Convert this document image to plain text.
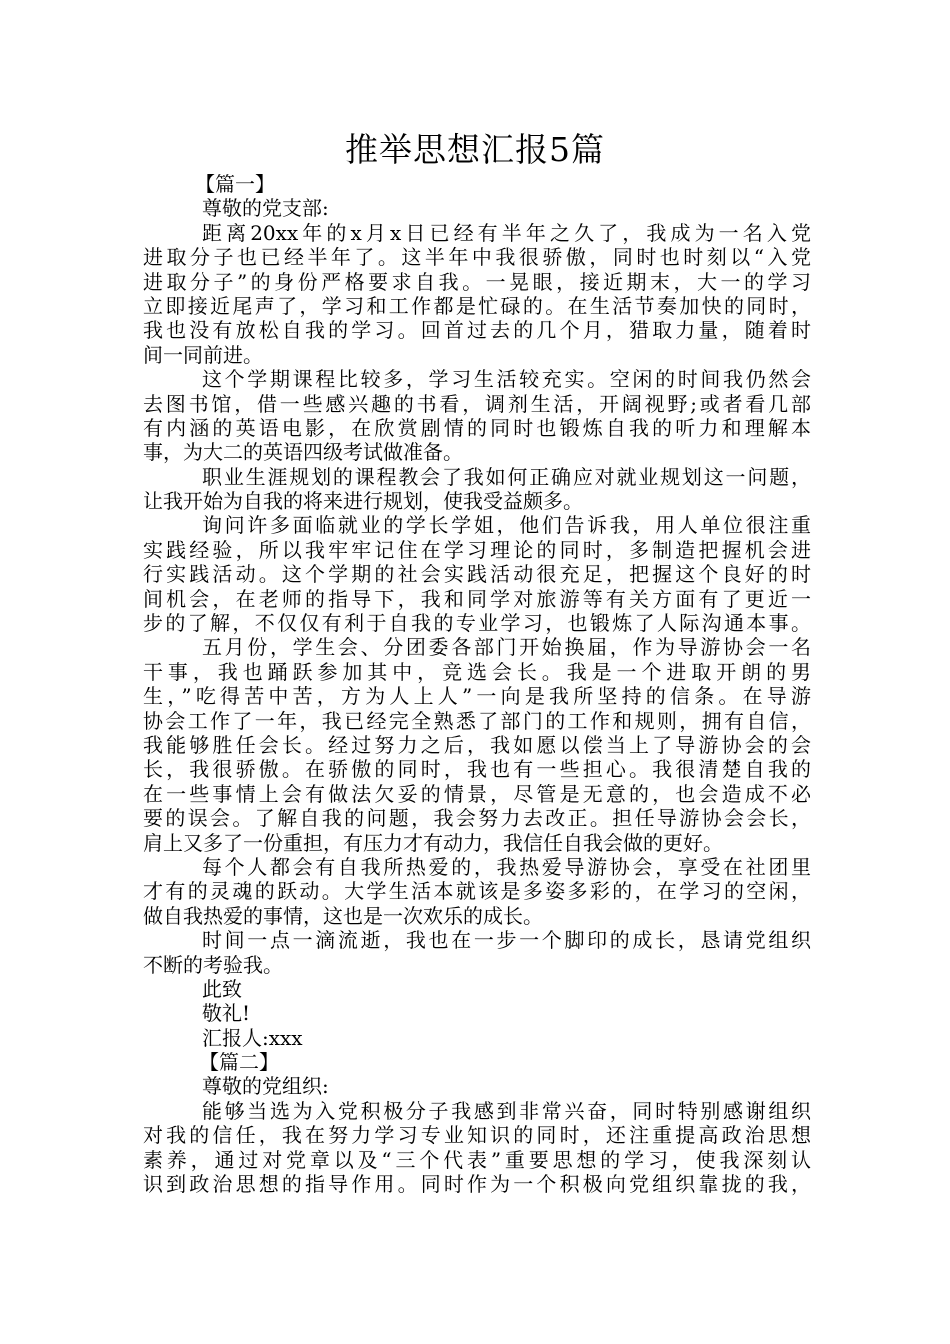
推举思想汇报5篇
【篇一】
尊敬的党支部:
距离20xx年的x月x日已经有半年之久了，我成为一名入党
进取分子也已经半年了。这半年中我很骄傲，同时也时刻以“入党
进取分子”的身份严格要求自我。一晃眼，接近期末，大一的学习
立即接近尾声了，学习和工作都是忙碌的。在生活节奏加快的同时，
我也没有放松自我的学习。回首过去的几个月，猎取力量，随着时
间一同前进。
这个学期课程比较多，学习生活较充实。空闲的时间我仍然会
去图书馆，借一些感兴趣的书看，调剂生活，开阔视野;或者看几部
有内涵的英语电影，在欣赏剧情的同时也锻炼自我的听力和理解本
事，为大二的英语四级考试做准备。
职业生涯规划的课程教会了我如何正确应对就业规划这一问题，
让我开始为自我的将来进行规划，使我受益颇多。
询问许多面临就业的学长学姐，他们告诉我，用人单位很注重
实践经验，所以我牢牢记住在学习理论的同时，多制造把握机会进
行实践活动。这个学期的社会实践活动很充足，把握这个良好的时
间机会，在老师的指导下，我和同学对旅游等有关方面有了更近一
步的了解，不仅仅有利于自我的专业学习，也锻炼了人际沟通本事。
五月份，学生会、分团委各部门开始换届，作为导游协会一名
干事，我也踊跃参加其中，竞选会长。我是一个进取开朗的男
生，”吃得苦中苦，方为人上人”一向是我所坚持的信条。在导游
协会工作了一年，我已经完全熟悉了部门的工作和规则，拥有自信，
我能够胜任会长。经过努力之后，我如愿以偿当上了导游协会的会
长，我很骄傲。在骄傲的同时，我也有一些担心。我很清楚自我的
在一些事情上会有做法欠妥的情景，尽管是无意的，也会造成不必
要的误会。了解自我的问题，我会努力去改正。担任导游协会会长，
肩上又多了一份重担，有压力才有动力，我信任自我会做的更好。
每个人都会有自我所热爱的，我热爱导游协会，享受在社团里
才有的灵魂的跃动。大学生活本就该是多姿多彩的，在学习的空闲，
做自我热爱的事情，这也是一次欢乐的成长。
时间一点一滴流逝，我也在一步一个脚印的成长，恳请党组织
不断的考验我。
此致
敬礼!
汇报人:xxx
【篇二】
尊敬的党组织:
能够当选为入党积极分子我感到非常兴奋，同时特别感谢组织
对我的信任，我在努力学习专业知识的同时，还注重提高政治思想
素养，通过对党章以及“三个代表”重要思想的学习，使我深刻认
识到政治思想的指导作用。同时作为一个积极向党组织靠拢的我，
